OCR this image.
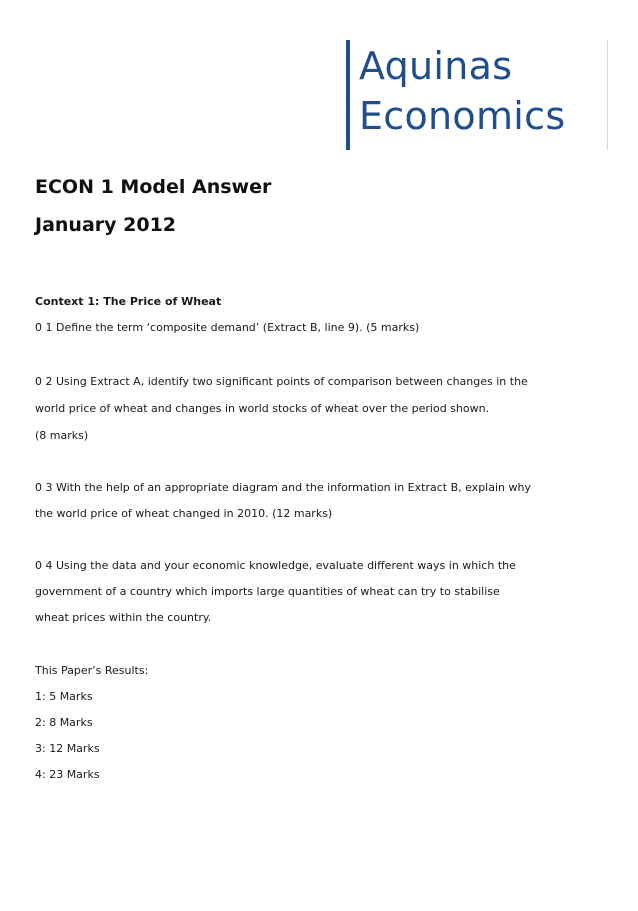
Aquinas
Economics
ECON 1 Model Answer
January 2012
Context 1: The Price of Wheat
0 1 Define the term ‘composite demand’ (Extract B, line 9). (5 marks)
0 2 Using Extract A, identify two significant points of comparison between changes in the
world price of wheat and changes in world stocks of wheat over the period shown.
(8 marks)
0 3 With the help of an appropriate diagram and the information in Extract B, explain why
the world price of wheat changed in 2010. (12 marks)
0 4 Using the data and your economic knowledge, evaluate different ways in which the
government of a country which imports large quantities of wheat can try to stabilise
wheat prices within the country.
This Paper’s Results:
1: 5 Marks
2: 8 Marks
3: 12 Marks
4: 23 Marks
